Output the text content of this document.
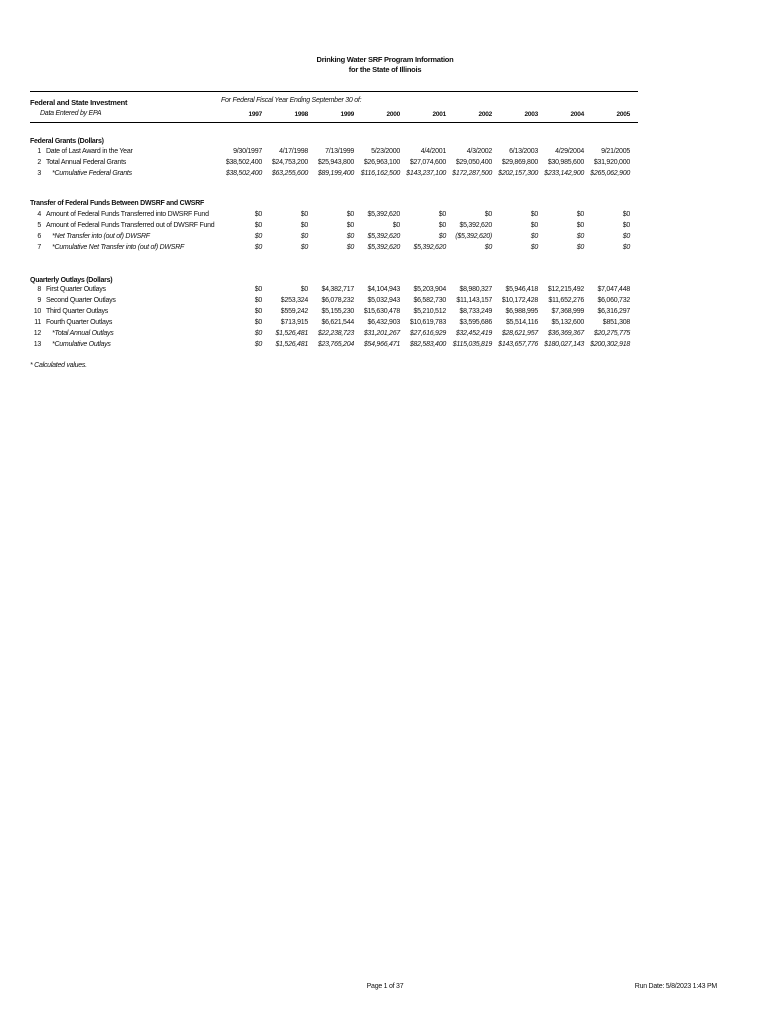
Drinking Water SRF Program Information
for the State of Illinois
Federal and State Investment
Data Entered by EPA
For Federal Fiscal Year Ending September 30 of:
1997	1998	1999	2000	2001	2002	2003	2004	2005
Federal Grants (Dollars)
Transfer of Federal Funds Between DWSRF and CWSRF
Quarterly Outlays (Dollars)
1 Date of Last Award in the Year	9/30/1997	4/17/1998	7/13/1999	5/23/2000	4/4/2001	4/3/2002	6/13/2003	4/29/2004	9/21/2005
2 Total Annual Federal Grants	$38,502,400	$24,753,200	$25,943,800	$26,963,100	$27,074,600	$29,050,400	$29,869,800	$30,985,600	$31,920,000
3 *Cumulative Federal Grants	$38,502,400	$63,255,600	$89,199,400 $116,162,500 $143,237,100 $172,287,500 $202,157,300 $233,142,900 $265,062,900
4 Amount of Federal Funds Transferred into DWSRF Fund	$0	$0	$0	$5,392,620	$0	$0	$0	$0	$0
5 Amount of Federal Funds Transferred out of DWSRF Fund	$0	$0	$0	$0	$0	$5,392,620	$0	$0	$0
6 *Net Transfer into (out of) DWSRF	$0	$0	$0	$5,392,620	$0	($5,392,620)	$0	$0	$0
7 *Cumulative Net Transfer into (out of) DWSRF	$0	$0	$0	$5,392,620	$5,392,620	$0	$0	$0	$0
8 First Quarter Outlays	$0	$0	$4,382,717	$4,104,943	$5,203,904	$8,980,327	$5,946,418	$12,215,492	$7,047,448
9 Second Quarter Outlays	$0	$253,324	$6,078,232	$5,032,943	$6,582,730	$11,143,157	$10,172,428	$11,652,276	$6,060,732
10 Third Quarter Outlays	$0	$559,242	$5,155,230	$15,630,478	$5,210,512	$8,733,249	$6,988,995	$7,368,999	$6,316,297
11 Fourth Quarter Outlays	$0	$713,915	$6,621,544	$6,432,903	$10,619,783	$3,595,686	$5,514,116	$5,132,600	$851,308
12 *Total Annual Outlays	$0	$1,526,481	$22,238,723	$31,201,267	$27,616,929	$32,452,419	$28,621,957	$36,369,367	$20,275,775
13 *Cumulative Outlays	$0	$1,526,481	$23,765,204	$54,966,471	$82,583,400 $115,035,819 $143,657,776 $180,027,143 $200,302,918
* Calculated values.
Page 1 of 37	Run Date: 5/8/2023 1:43 PM
